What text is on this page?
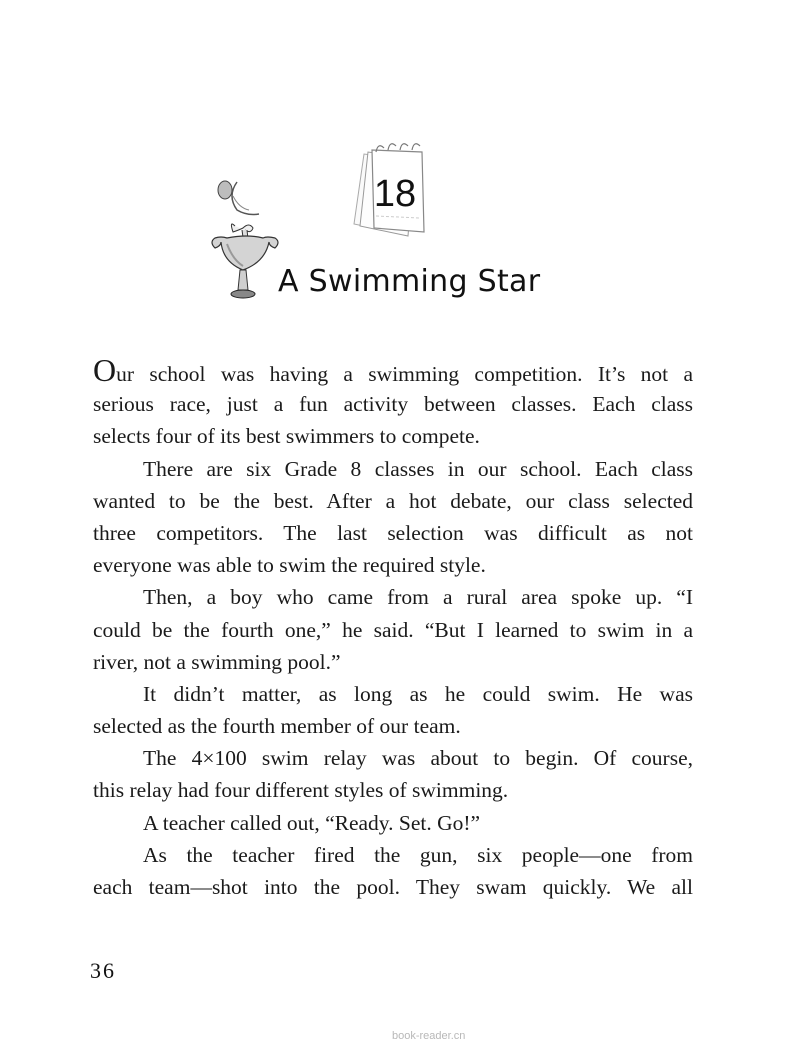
18
A Swimming Star
Our school was having a swimming competition. It’s not a
serious race, just a fun activity between classes. Each class
selects four of its best swimmers to compete.
There are six Grade 8 classes in our school. Each class
wanted to be the best. After a hot debate, our class selected
three competitors. The last selection was difficult as not
everyone was able to swim the required style.
Then, a boy who came from a rural area spoke up. “I
could be the fourth one,” he said. “But I learned to swim in a
river, not a swimming pool.”
It didn’t matter, as long as he could swim. He was
selected as the fourth member of our team.
The 4×100 swim relay was about to begin. Of course,
this relay had four different styles of swimming.
A teacher called out, “Ready. Set. Go!”
As the teacher fired the gun, six people—one from
each team—shot into the pool. They swam quickly. We all
36
book-reader.cn
